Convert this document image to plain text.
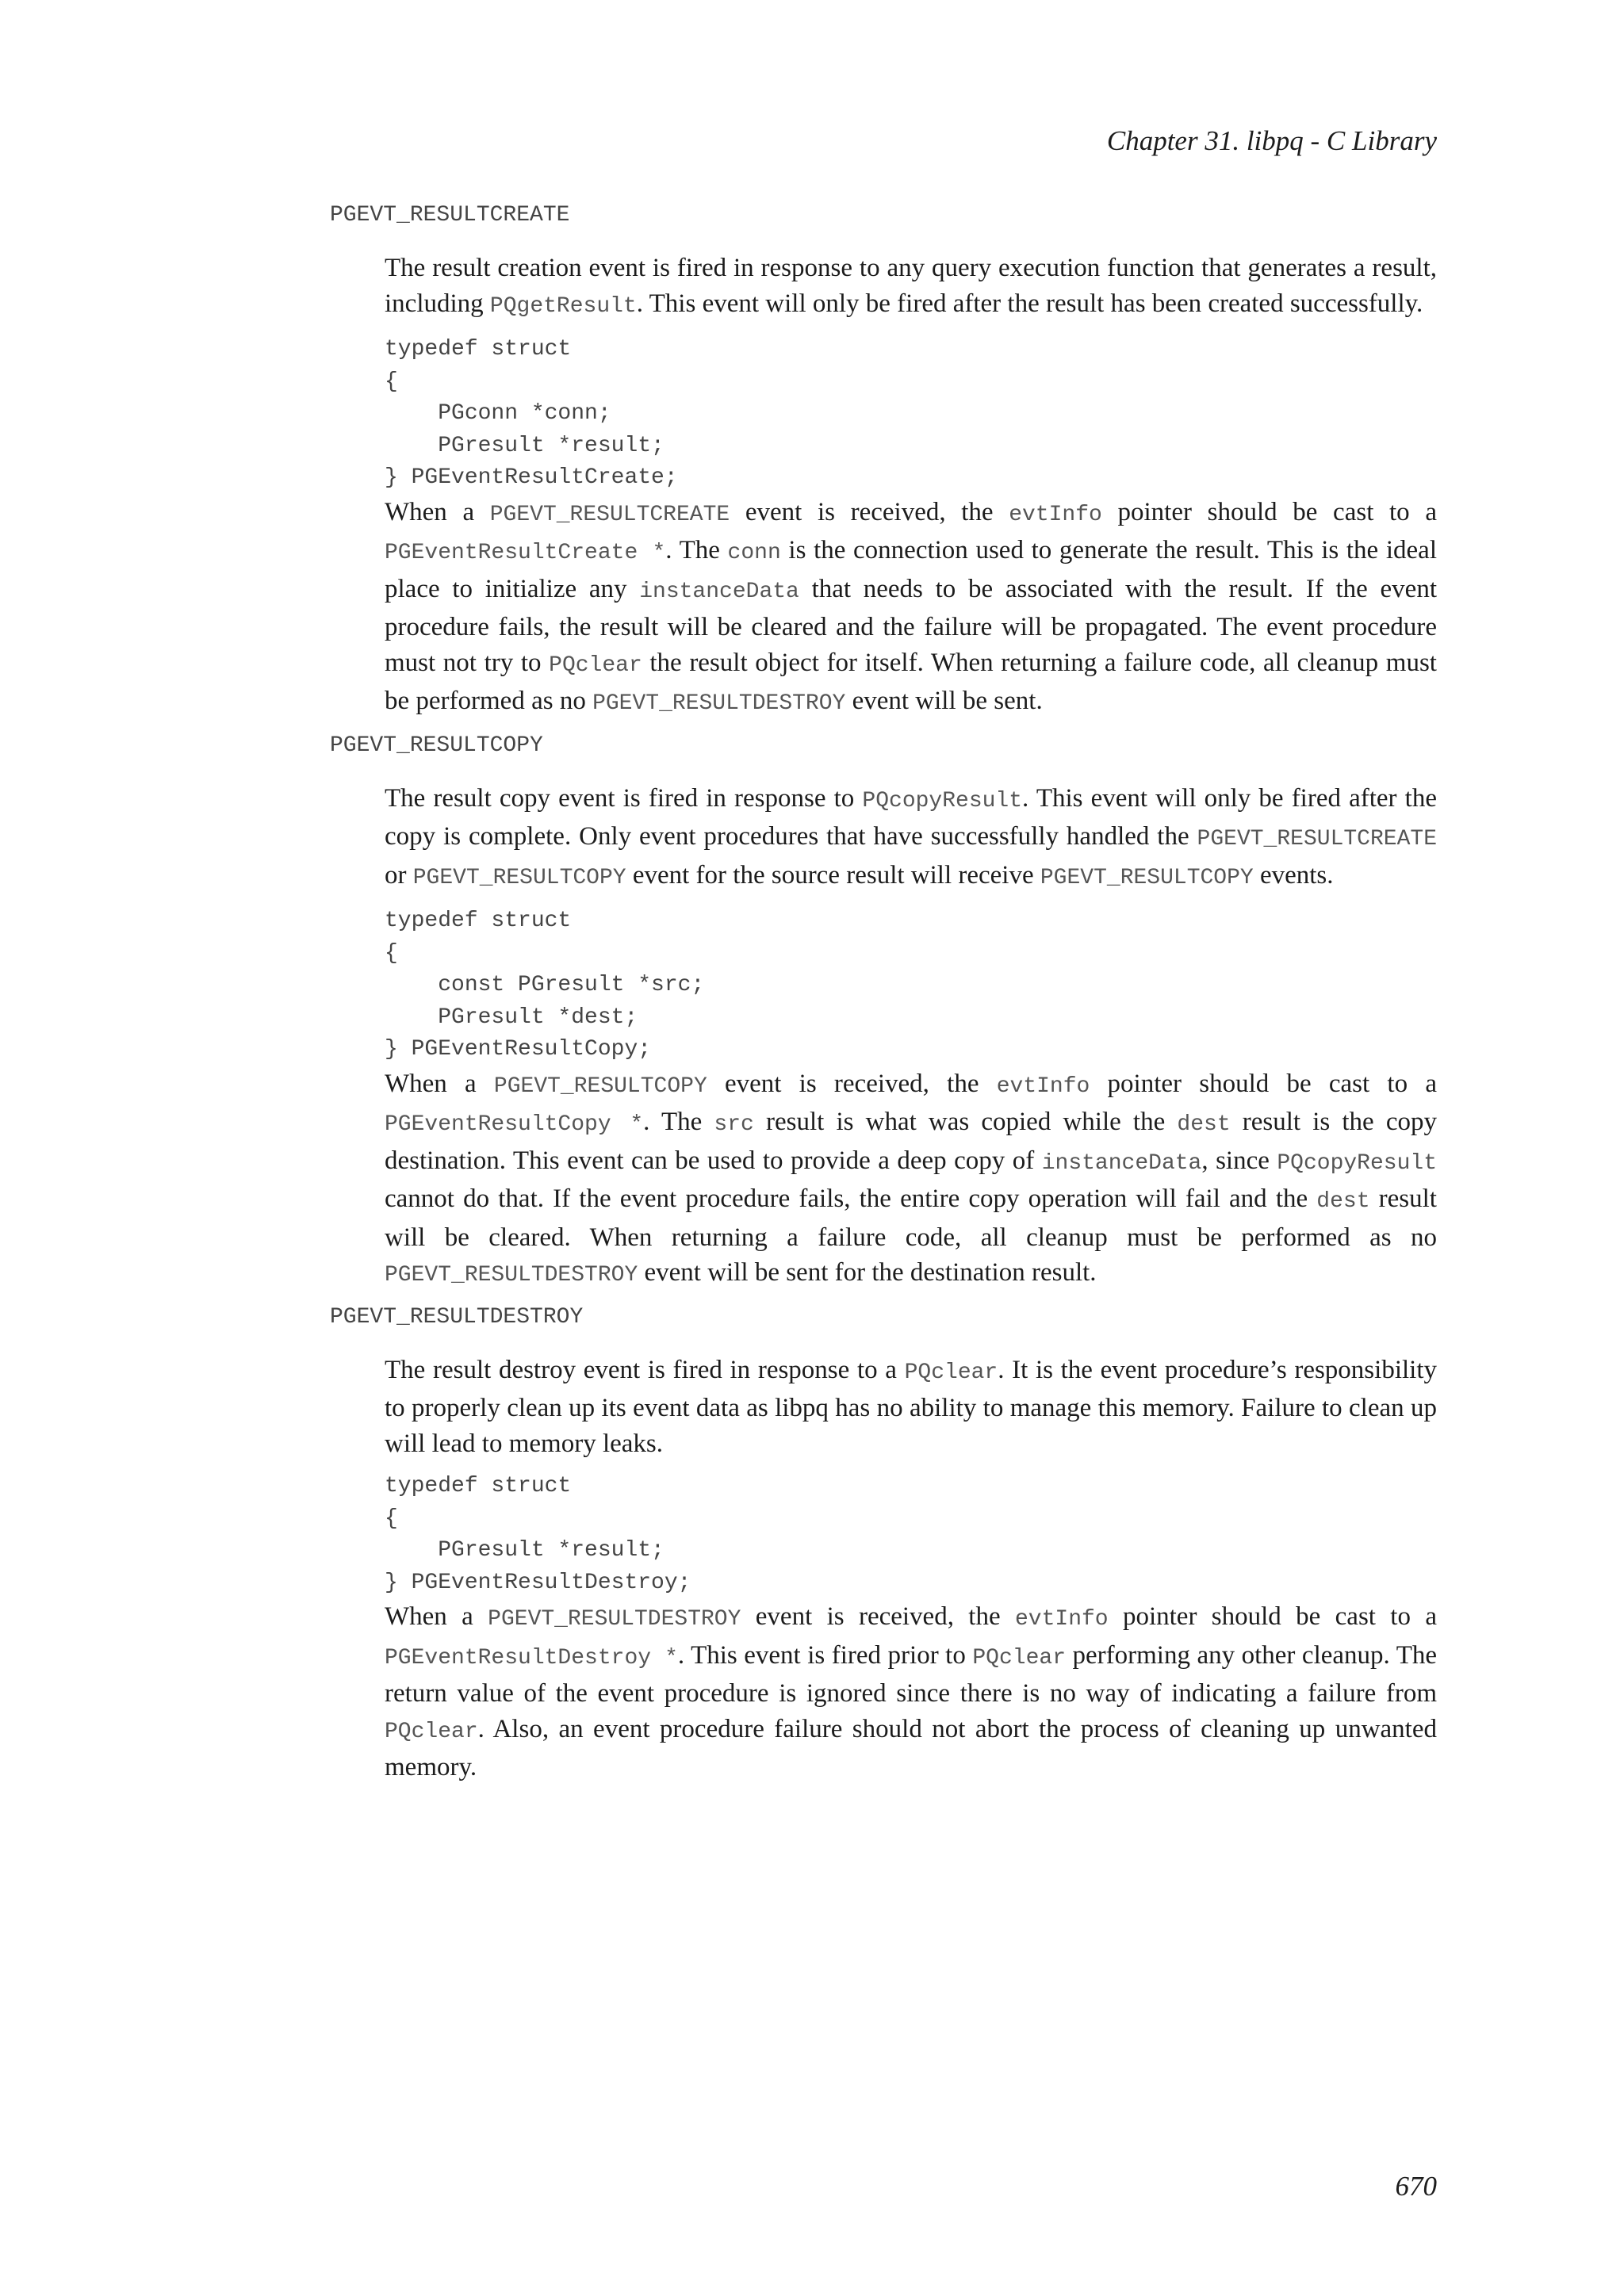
Chapter 31. libpq - C Library
PGEVT_RESULTCREATE

The result creation event is fired in response to any query execution function that generates a result, including PQgetResult. This event will only be fired after the result has been created successfully.

typedef struct
{
PGconn *conn;
PGresult *result;
} PGEventResultCreate;

When a PGEVT_RESULTCREATE event is received, the evtInfo pointer should be cast to a PGEventResultCreate *. The conn is the connection used to generate the result. This is the ideal place to initialize any instanceData that needs to be associated with the result. If the event procedure fails, the result will be cleared and the failure will be propagated. The event procedure must not try to PQclear the result object for itself. When returning a failure code, all cleanup must be performed as no PGEVT_RESULTDESTROY event will be sent.

PGEVT_RESULTCOPY

The result copy event is fired in response to PQcopyResult. This event will only be fired after the copy is complete. Only event procedures that have successfully handled the PGEVT_RESULTCREATE or PGEVT_RESULTCOPY event for the source result will receive PGEVT_RESULTCOPY events.

typedef struct
{
const PGresult *src;
PGresult *dest;
} PGEventResultCopy;

When a PGEVT_RESULTCOPY event is received, the evtInfo pointer should be cast to a PGEventResultCopy *. The src result is what was copied while the dest result is the copy destination. This event can be used to provide a deep copy of instanceData, since PQcopyResult cannot do that. If the event procedure fails, the entire copy operation will fail and the dest result will be cleared. When returning a failure code, all cleanup must be performed as no PGEVT_RESULTDESTROY event will be sent for the destination result.

PGEVT_RESULTDESTROY

The result destroy event is fired in response to a PQclear. It is the event procedure’s responsibility to properly clean up its event data as libpq has no ability to manage this memory. Failure to clean up will lead to memory leaks.

typedef struct
{
PGresult *result;
} PGEventResultDestroy;

When a PGEVT_RESULTDESTROY event is received, the evtInfo pointer should be cast to a PGEventResultDestroy *. This event is fired prior to PQclear performing any other cleanup. The return value of the event procedure is ignored since there is no way of indicating a failure from PQclear. Also, an event procedure failure should not abort the process of cleaning up unwanted memory.

670
